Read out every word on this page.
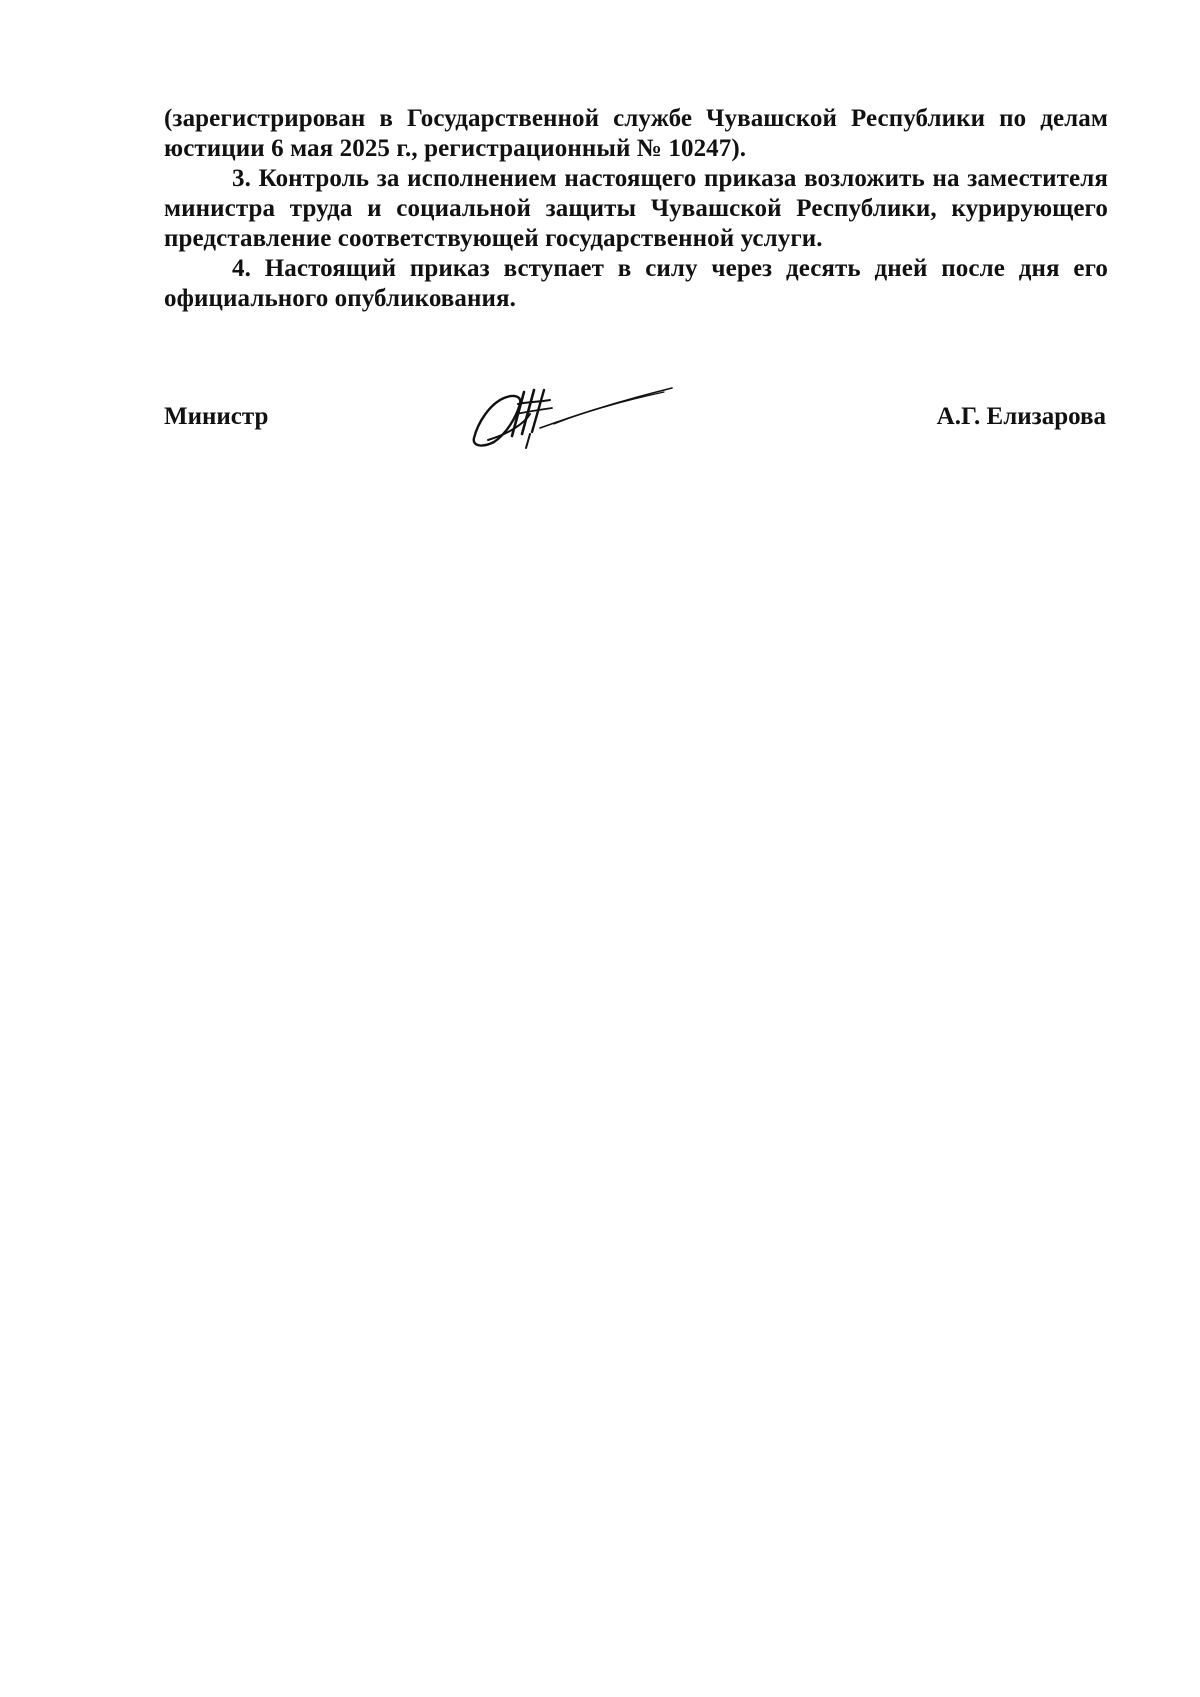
(зарегистрирован в Государственной службе Чувашской Республики по делам юстиции 6 мая 2025 г., регистрационный № 10247).

3. Контроль за исполнением настоящего приказа возложить на заместителя министра труда и социальной защиты Чувашской Республики, курирующего представление соответствующей государственной услуги.

4. Настоящий приказ вступает в силу через десять дней после дня его официального опубликования.

Министр	А.Г. Елизарова
